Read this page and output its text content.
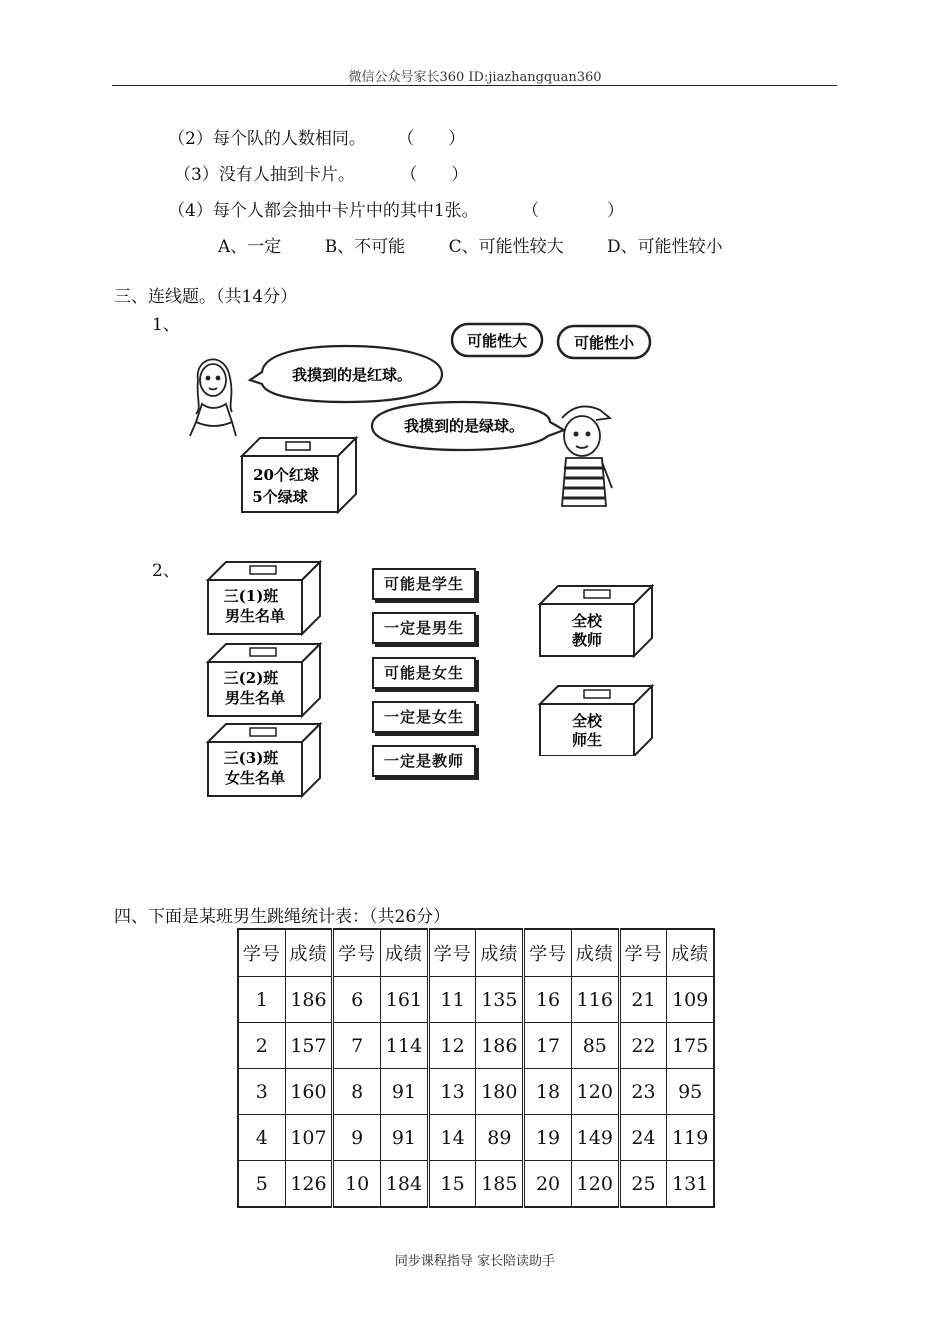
微信公众号家长360 ID:jiazhangquan360
（2）每个队的人数相同。 （　　）
（3）没有人抽到卡片。	（　　）
（4）每个人都会抽中卡片中的其中1张。	（　　　　）
A、一定	B、不可能	C、可能性较大	D、可能性较小
三、连线题。（共14分）
1、
可能性大	可能性小
我摸到的是红球。
我摸到的是绿球。
20个红球
5个绿球
2、
三(1)班
男生名单
三(2)班
男生名单
三(3)班
女生名单
可能是学生
一定是男生
可能是女生
一定是女生
一定是教师
全校
教师
全校
师生
四、下面是某班男生跳绳统计表：（共26分）
学号	成绩	学号	成绩	学号	成绩	学号	成绩	学号	成绩
1	186	6	161	11	135	16	116	21	109
2	157	7	114	12	186	17	85	22	175
3	160	8	91	13	180	18	120	23	95
4	107	9	91	14	89	19	149	24	119
5	126	10	184	15	185	20	120	25	131
同步课程指导 家长陪读助手
